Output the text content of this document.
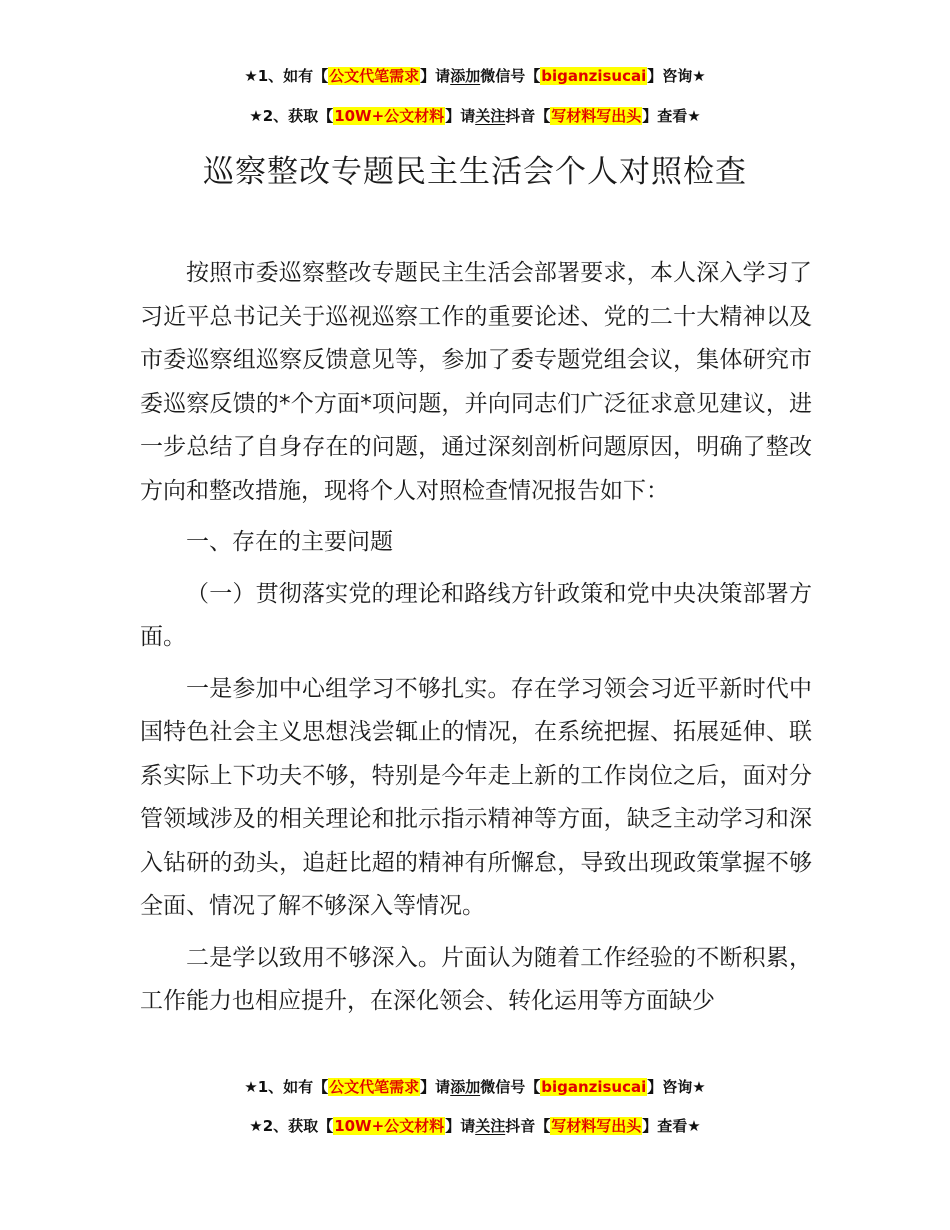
★1、如有【公文代笔需求】请添加微信号【biganzisucai】咨询★
★2、获取【10W+公文材料】请关注抖音【写材料写出头】查看★
巡察整改专题民主生活会个人对照检查

按照市委巡察整改专题民主生活会部署要求，本人深入学习了习近平总书记关于巡视巡察工作的重要论述、党的二十大精神以及市委巡察组巡察反馈意见等，参加了委专题党组会议，集体研究市委巡察反馈的*个方面*项问题，并向同志们广泛征求意见建议，进一步总结了自身存在的问题，通过深刻剖析问题原因，明确了整改方向和整改措施，现将个人对照检查情况报告如下：

一、存在的主要问题

（一）贯彻落实党的理论和路线方针政策和党中央决策部署方面。

一是参加中心组学习不够扎实。存在学习领会习近平新时代中国特色社会主义思想浅尝辄止的情况，在系统把握、拓展延伸、联系实际上下功夫不够，特别是今年走上新的工作岗位之后，面对分管领域涉及的相关理论和批示指示精神等方面，缺乏主动学习和深入钻研的劲头，追赶比超的精神有所懈怠，导致出现政策掌握不够全面、情况了解不够深入等情况。

二是学以致用不够深入。片面认为随着工作经验的不断积累，工作能力也相应提升，在深化领会、转化运用等方面缺少

★1、如有【公文代笔需求】请添加微信号【biganzisucai】咨询★
★2、获取【10W+公文材料】请关注抖音【写材料写出头】查看★
